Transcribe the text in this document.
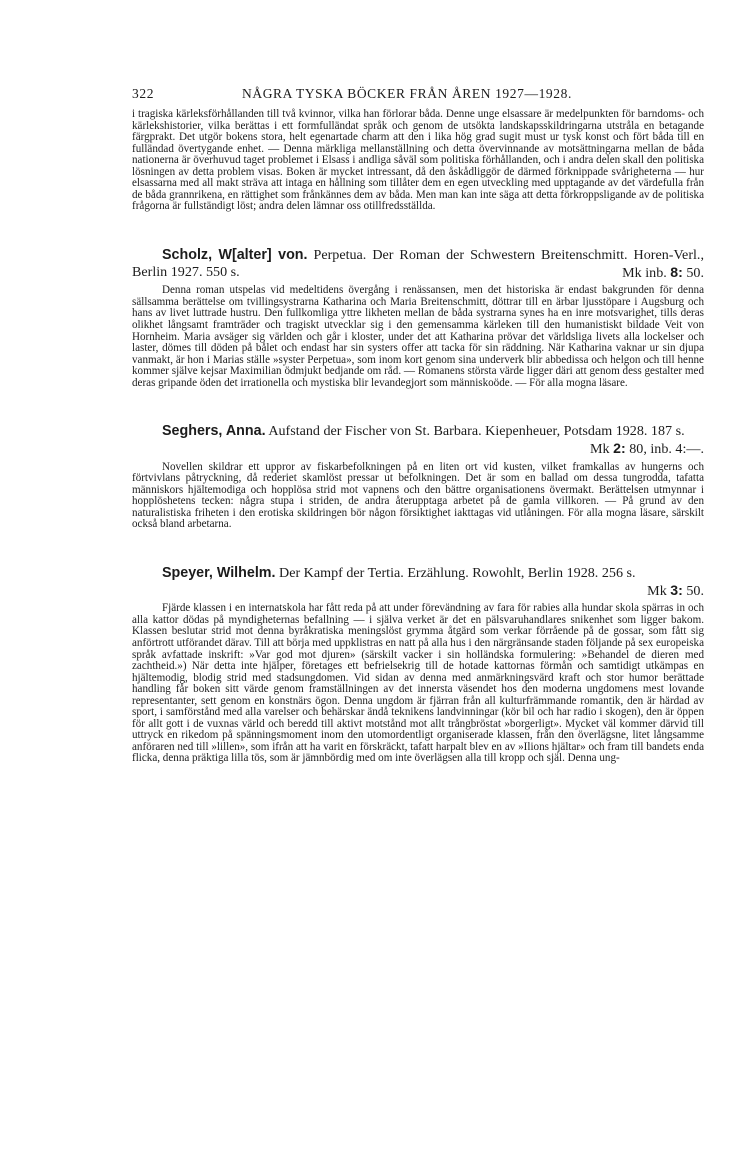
322	NÅGRA TYSKA BÖCKER FRÅN ÅREN 1927—1928.
i tragiska kärleksförhållanden till två kvinnor, vilka han förlorar båda. Denne unge elsassare är medelpunkten för barndoms- och kärlekshistorier, vilka berättas i ett formfulländat språk och genom de utsökta landskapsskildringarna utstråla en betagande färgprakt. Det utgör bokens stora, helt egenartade charm att den i lika hög grad sugit must ur tysk konst och fört båda till en fulländad övertygande enhet. — Denna märkliga mellanställning och detta övervinnande av motsättningarna mellan de båda nationerna är överhuvud taget problemet i Elsass i andliga såväl som politiska förhållanden, och i andra delen skall den politiska lösningen av detta problem visas. Boken är mycket intressant, då den åskådliggör de därmed förknippade svårigheterna — hur elsassarna med all makt sträva att intaga en hållning som tillåter dem en egen utveckling med upptagande av det värdefulla från de båda grannrikena, en rättighet som frånkännes dem av båda. Men man kan inte säga att detta förkroppsligande av de politiska frågorna är fullständigt löst; andra delen lämnar oss otillfredsställda.
Scholz, W[alter] von. Perpetua. Der Roman der Schwestern Breitenschmitt. Horen-Verl., Berlin 1927. 550 s.	Mk inb. 8: 50.
Denna roman utspelas vid medeltidens övergång i renässansen, men det historiska är endast bakgrunden för denna sällsamma berättelse om tvillingsystrarna Katharina och Maria Breitenschmitt, döttrar till en ärbar ljusstöpare i Augsburg och hans av livet luttrade hustru. Den fullkomliga yttre likheten mellan de båda systrarna synes ha en inre motsvarighet, tills deras olikhet långsamt framträder och tragiskt utvecklar sig i den gemensamma kärleken till den humanistiskt bildade Veit von Hornheim. Maria avsäger sig världen och går i kloster, under det att Katharina prövar det världsliga livets alla lockelser och laster, dömes till döden på bålet och endast har sin systers offer att tacka för sin räddning. När Katharina vaknar ur sin djupa vanmakt, är hon i Marias ställe »syster Perpetua», som inom kort genom sina underverk blir abbedissa och helgon och till henne kommer själve kejsar Maximilian ödmjukt bedjande om råd. — Romanens största värde ligger däri att genom dess gestalter med deras gripande öden det irrationella och mystiska blir levandegjort som människoöde. — För alla mogna läsare.
Seghers, Anna. Aufstand der Fischer von St. Barbara. Kiepenheuer, Potsdam 1928. 187 s.
Mk 2: 80, inb. 4:—.
Novellen skildrar ett uppror av fiskarbefolkningen på en liten ort vid kusten, vilket framkallas av hungerns och förtvivlans påtryckning, då rederiet skamlöst pressar ut befolkningen. Det är som en ballad om dessa tungrodda, tafatta människors hjältemodiga och hopplösa strid mot vapnens och den bättre organisationens övermakt. Berättelsen utmynnar i hopplöshetens tecken: några stupa i striden, de andra återupptaga arbetet på de gamla villkoren. — På grund av den naturalistiska friheten i den erotiska skildringen bör någon försiktighet iakttagas vid utlåningen. För alla mogna läsare, särskilt också bland arbetarna.
Speyer, Wilhelm. Der Kampf der Tertia. Erzählung. Rowohlt, Berlin 1928. 256 s.
Mk 3: 50.
Fjärde klassen i en internatskola har fått reda på att under förevändning av fara för rabies alla hundar skola spärras in och alla kattor dödas på myndigheternas befallning — i själva verket är det en pälsvaruhandlares snikenhet som ligger bakom. Klassen beslutar strid mot denna byråkratiska meningslöst grymma åtgärd som verkar förrående på de gossar, som fått sig anförtrott utförandet därav. Till att börja med uppklistras en natt på alla hus i den närgränsande staden följande på sex europeiska språk avfattade inskrift: »Var god mot djuren» (särskilt vacker i sin holländska formulering: »Behandel de dieren med zachtheid.») När detta inte hjälper, företages ett befrielsekrig till de hotade kattornas förmån och samtidigt utkämpas en hjältemodig, blodig strid med stadsungdomen. Vid sidan av denna med anmärkningsvärd kraft och stor humor berättade handling får boken sitt värde genom framställningen av det innersta väsendet hos den moderna ungdomens mest lovande representanter, sett genom en konstnärs ögon. Denna ungdom är fjärran från all kulturfrämmande romantik, den är härdad av sport, i samförstånd med alla varelser och behärskar ändå teknikens landvinningar (kör bil och har radio i skogen), den är öppen för allt gott i de vuxnas värld och beredd till aktivt motstånd mot allt trångbröstat »borgerligt». Mycket väl kommer därvid till uttryck en rikedom på spänningsmoment inom den utomordentligt organiserade klassen, från den överlägsne, litet långsamme anföraren ned till »lillen», som ifrån att ha varit en förskräckt, tafatt harpalt blev en av »Ilions hjältar» och fram till bandets enda flicka, denna präktiga lilla tös, som är jämnbördig med om inte överlägsen alla till kropp och själ. Denna ung-
